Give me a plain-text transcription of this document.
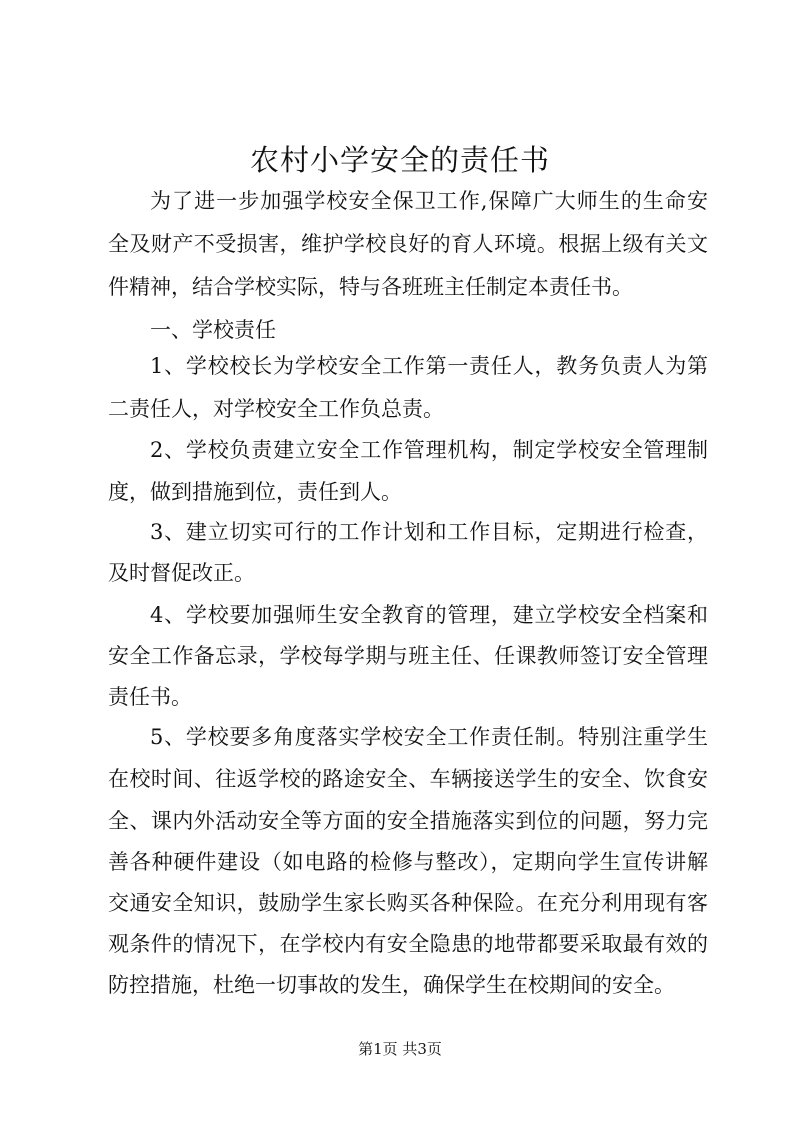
农村小学安全的责任书
为了进一步加强学校安全保卫工作,保障广大师生的生命安
全及财产不受损害，维护学校良好的育人环境。根据上级有关文
件精神，结合学校实际，特与各班班主任制定本责任书。
一、学校责任
1、学校校长为学校安全工作第一责任人，教务负责人为第
二责任人，对学校安全工作负总责。
2、学校负责建立安全工作管理机构，制定学校安全管理制
度，做到措施到位，责任到人。
3、建立切实可行的工作计划和工作目标，定期进行检查，
及时督促改正。
4、学校要加强师生安全教育的管理，建立学校安全档案和
安全工作备忘录，学校每学期与班主任、任课教师签订安全管理
责任书。
5、学校要多角度落实学校安全工作责任制。特别注重学生
在校时间、往返学校的路途安全、车辆接送学生的安全、饮食安
全、课内外活动安全等方面的安全措施落实到位的问题，努力完
善各种硬件建设（如电路的检修与整改），定期向学生宣传讲解
交通安全知识，鼓励学生家长购买各种保险。在充分利用现有客
观条件的情况下，在学校内有安全隐患的地带都要采取最有效的
防控措施，杜绝一切事故的发生，确保学生在校期间的安全。
第1页 共3页
